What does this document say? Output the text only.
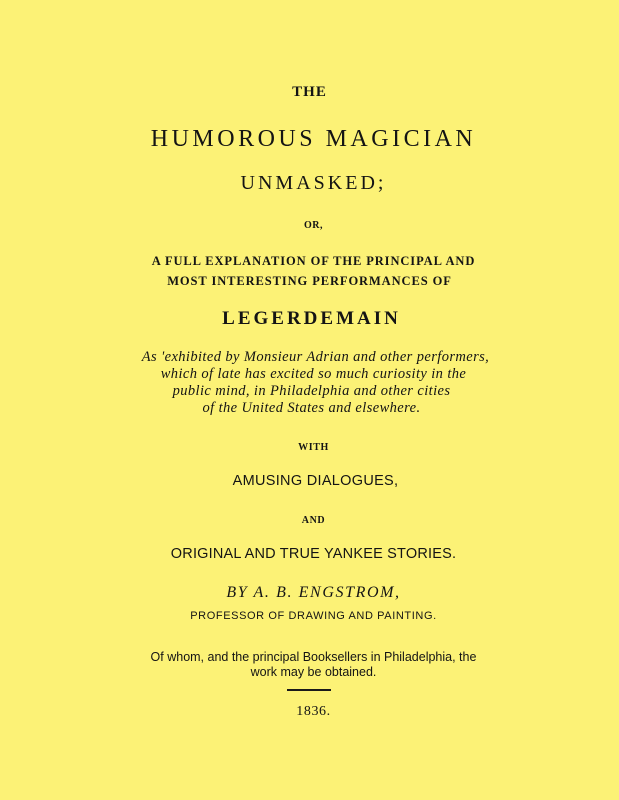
THE

HUMOROUS MAGICIAN

UNMASKED;

OR,

A FULL EXPLANATION OF THE PRINCIPAL AND

MOST INTERESTING PERFORMANCES OF

LEGERDEMAIN

As 'exhibited by Monsieur Adrian and other performers,

which of late has excited so much curiosity in the

public mind, in Philadelphia and other cities

of the United States and elsewhere.

WITH

AMUSING DIALOGUES,

AND

ORIGINAL AND TRUE YANKEE STORIES.

BY A. B. ENGSTROM,

PROFESSOR OF DRAWING AND PAINTING.

Of whom, and the principal Booksellers in Philadelphia, the

work may be obtained.

1836.
